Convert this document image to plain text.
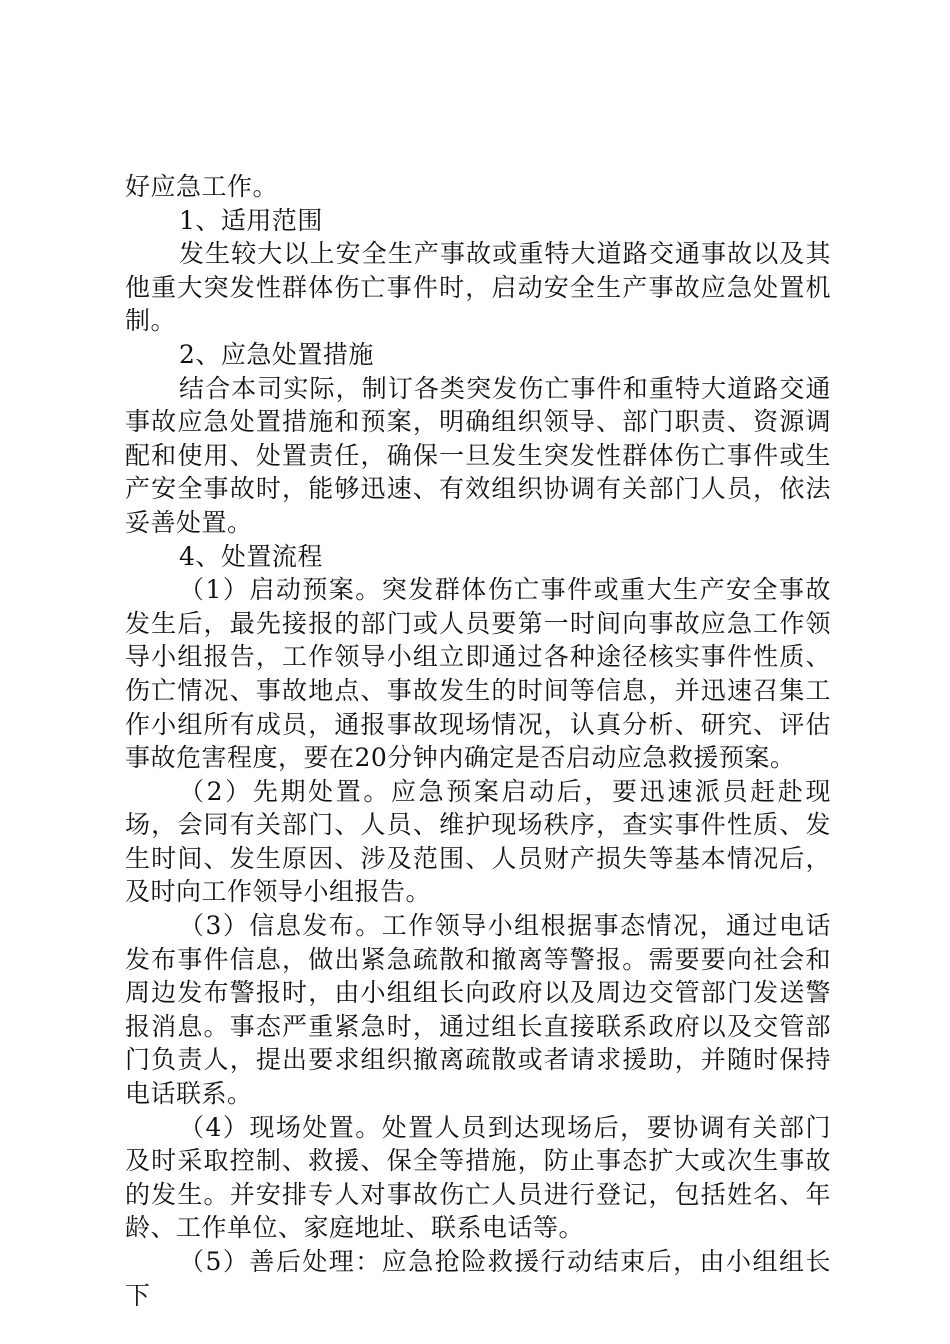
好应急工作。

1、适用范围

发生较大以上安全生产事故或重特大道路交通事故以及其他重大突发性群体伤亡事件时，启动安全生产事故应急处置机制。

2、应急处置措施

结合本司实际，制订各类突发伤亡事件和重特大道路交通事故应急处置措施和预案，明确组织领导、部门职责、资源调配和使用、处置责任，确保一旦发生突发性群体伤亡事件或生产安全事故时，能够迅速、有效组织协调有关部门人员，依法妥善处置。

4、处置流程

（1）启动预案。突发群体伤亡事件或重大生产安全事故发生后，最先接报的部门或人员要第一时间向事故应急工作领导小组报告，工作领导小组立即通过各种途径核实事件性质、伤亡情况、事故地点、事故发生的时间等信息，并迅速召集工作小组所有成员，通报事故现场情况，认真分析、研究、评估事故危害程度，要在20分钟内确定是否启动应急救援预案。

（2）先期处置。应急预案启动后，要迅速派员赶赴现场，会同有关部门、人员、维护现场秩序，查实事件性质、发生时间、发生原因、涉及范围、人员财产损失等基本情况后，及时向工作领导小组报告。

（3）信息发布。工作领导小组根据事态情况，通过电话发布事件信息，做出紧急疏散和撤离等警报。需要要向社会和周边发布警报时，由小组组长向政府以及周边交管部门发送警报消息。事态严重紧急时，通过组长直接联系政府以及交管部门负责人，提出要求组织撤离疏散或者请求援助，并随时保持电话联系。

（4）现场处置。处置人员到达现场后，要协调有关部门及时采取控制、救援、保全等措施，防止事态扩大或次生事故的发生。并安排专人对事故伤亡人员进行登记，包括姓名、年龄、工作单位、家庭地址、联系电话等。

（5）善后处理：应急抢险救援行动结束后，由小组组长下
